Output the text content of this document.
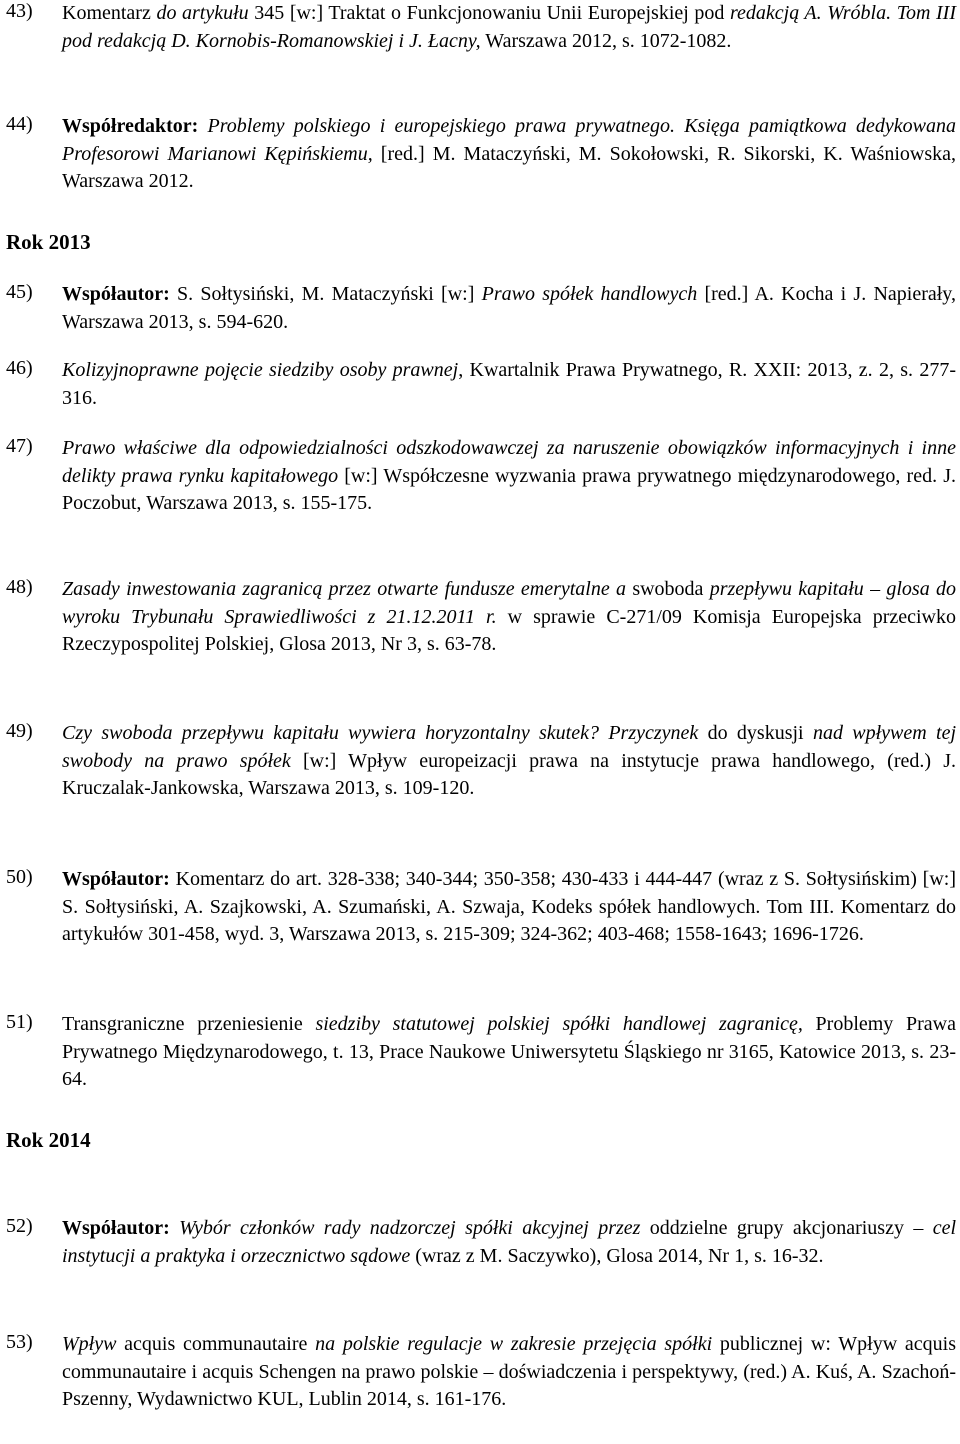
43) Komentarz do artykułu 345 [w:] Traktat o Funkcjonowaniu Unii Europejskiej pod redakcją A. Wróbla. Tom III pod redakcją D. Kornobis-Romanowskiej i J. Łacny, Warszawa 2012, s. 1072-1082.
44) Współredaktor: Problemy polskiego i europejskiego prawa prywatnego. Księga pamiątkowa dedykowana Profesorowi Marianowi Kępińskiemu, [red.] M. Mataczyński, M. Sokołowski, R. Sikorski, K. Waśniowska, Warszawa 2012.
Rok 2013
45) Współautor: S. Sołtysiński, M. Mataczyński [w:] Prawo spółek handlowych [red.] A. Kocha i J. Napierały, Warszawa 2013, s. 594-620.
46) Kolizyjnoprawne pojęcie siedziby osoby prawnej, Kwartalnik Prawa Prywatnego, R. XXII: 2013, z. 2, s. 277-316.
47) Prawo właściwe dla odpowiedzialności odszkodowawczej za naruszenie obowiązków informacyjnych i inne delikty prawa rynku kapitałowego [w:] Współczesne wyzwania prawa prywatnego międzynarodowego, red. J. Poczobut, Warszawa 2013, s. 155-175.
48) Zasady inwestowania zagranicą przez otwarte fundusze emerytalne a swoboda przepływu kapitału – glosa do wyroku Trybunału Sprawiedliwości z 21.12.2011 r. w sprawie C-271/09 Komisja Europejska przeciwko Rzeczypospolitej Polskiej, Glosa 2013, Nr 3, s. 63-78.
49) Czy swoboda przepływu kapitału wywiera horyzontalny skutek? Przyczynek do dyskusji nad wpływem tej swobody na prawo spółek [w:] Wpływ europeizacji prawa na instytucje prawa handlowego, (red.) J. Kruczalak-Jankowska, Warszawa 2013, s. 109-120.
50) Współautor: Komentarz do art. 328-338; 340-344; 350-358; 430-433 i 444-447 (wraz z S. Sołtysińskim) [w:] S. Sołtysiński, A. Szajkowski, A. Szumański, A. Szwaja, Kodeks spółek handlowych. Tom III. Komentarz do artykułów 301-458, wyd. 3, Warszawa 2013, s. 215-309; 324-362; 403-468; 1558-1643; 1696-1726.
51) Transgraniczne przeniesienie siedziby statutowej polskiej spółki handlowej zagranicę, Problemy Prawa Prywatnego Międzynarodowego, t. 13, Prace Naukowe Uniwersytetu Śląskiego nr 3165, Katowice 2013, s. 23-64.
Rok 2014
52) Współautor: Wybór członków rady nadzorczej spółki akcyjnej przez oddzielne grupy akcjonariuszy – cel instytucji a praktyka i orzecznictwo sądowe (wraz z M. Saczywko), Glosa 2014, Nr 1, s. 16-32.
53) Wpływ acquis communautaire na polskie regulacje w zakresie przejęcia spółki publicznej w: Wpływ acquis communautaire i acquis Schengen na prawo polskie – doświadczenia i perspektywy, (red.) A. Kuś, A. Szachoń-Pszenny, Wydawnictwo KUL, Lublin 2014, s. 161-176.
